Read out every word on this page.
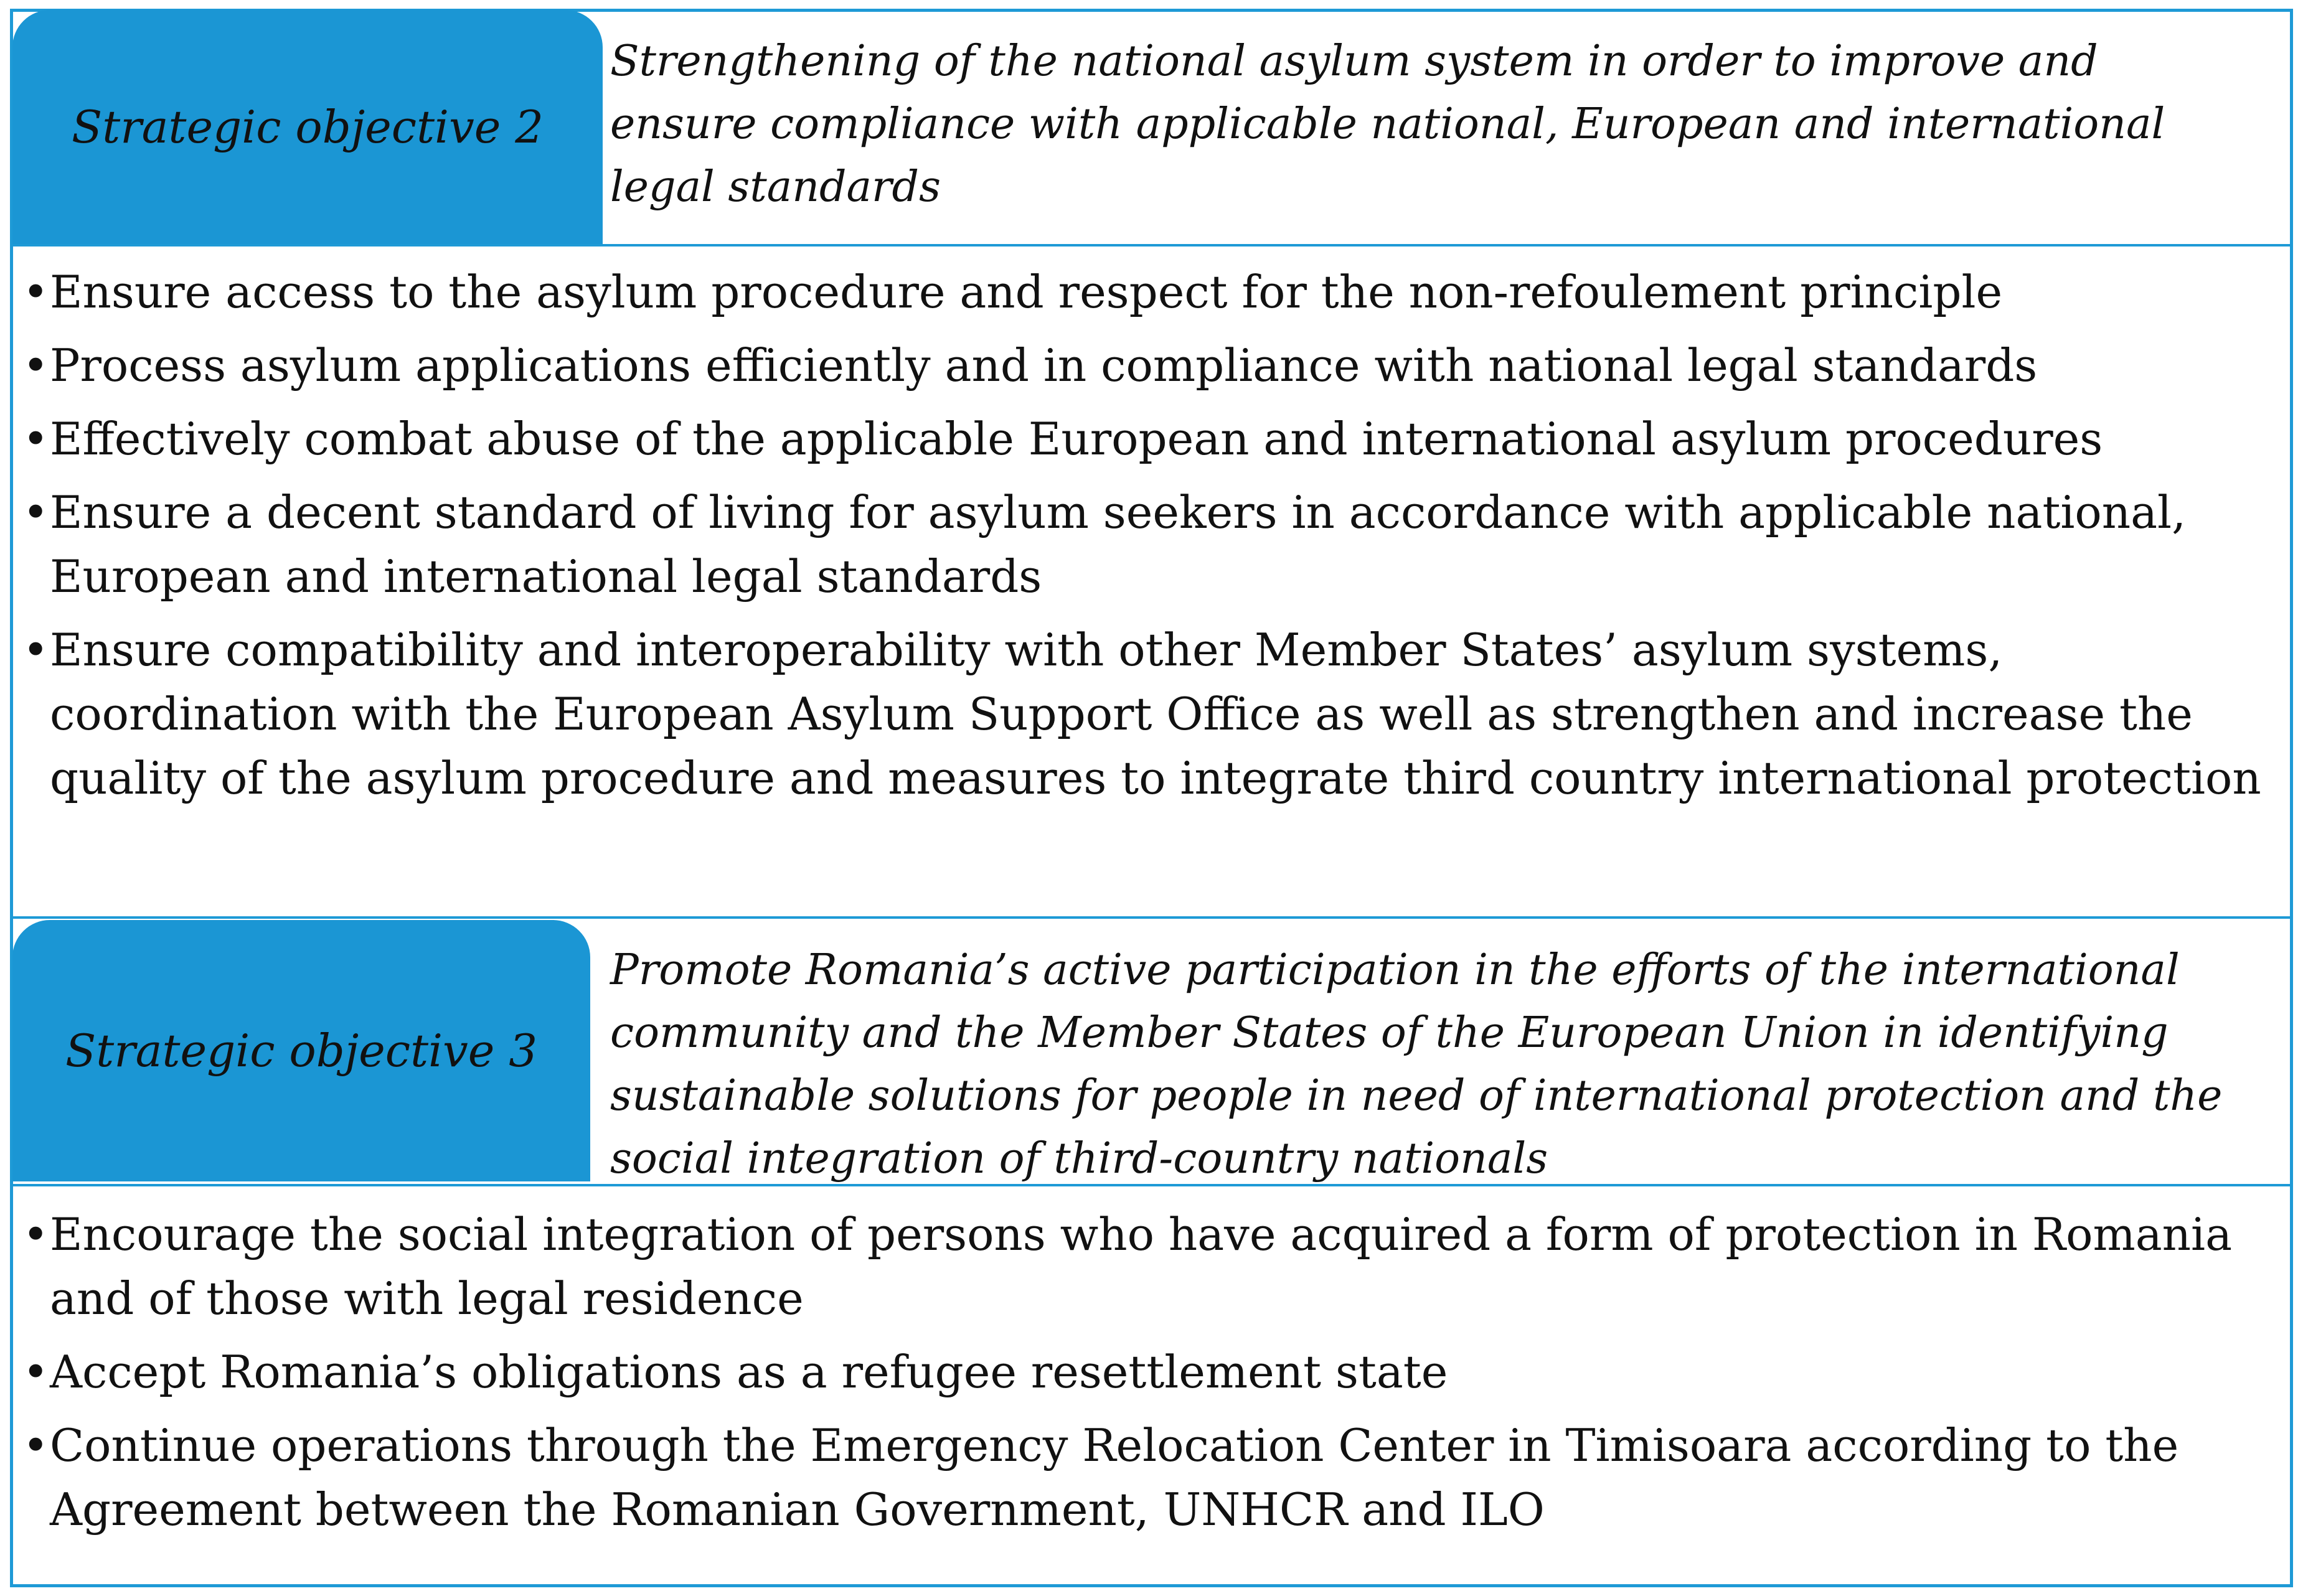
Strategic objective 2

Strengthening of the national asylum system in order to improve and ensure compliance with applicable national, European and international legal standards

• Ensure access to the asylum procedure and respect for the non-refoulement principle
• Process asylum applications efficiently and in compliance with national legal standards
• Effectively combat abuse of the applicable European and international asylum procedures
• Ensure a decent standard of living for asylum seekers in accordance with applicable national, European and international legal standards
• Ensure compatibility and interoperability with other Member States’ asylum systems, coordination with the European Asylum Support Office as well as strengthen and increase the quality of the asylum procedure and measures to integrate third country international protection
Strategic objective 3

Promote Romania’s active participation in the efforts of the international community and the Member States of the European Union in identifying sustainable solutions for people in need of international protection and the social integration of third-country nationals

• Encourage the social integration of persons who have acquired a form of protection in Romania and of those with legal residence
• Accept Romania’s obligations as a refugee resettlement state
• Continue operations through the Emergency Relocation Center in Timisoara according to the Agreement between the Romanian Government, UNHCR and ILO
